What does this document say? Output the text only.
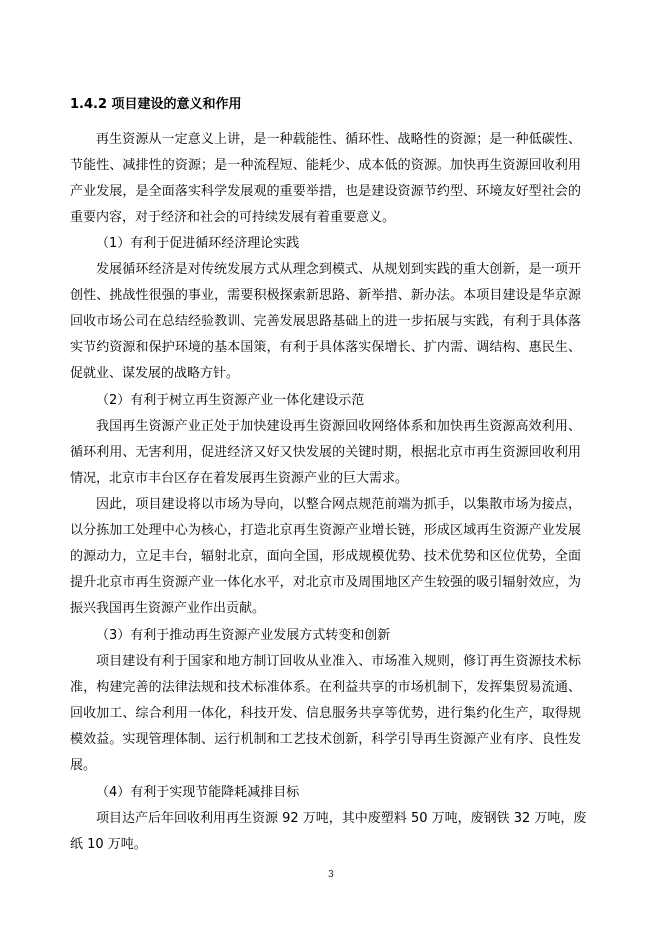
1.4.2 项目建设的意义和作用
再生资源从一定意义上讲，是一种载能性、循环性、战略性的资源；是一种低碳性、
节能性、减排性的资源；是一种流程短、能耗少、成本低的资源。加快再生资源回收利用
产业发展，是全面落实科学发展观的重要举措，也是建设资源节约型、环境友好型社会的
重要内容，对于经济和社会的可持续发展有着重要意义。
（1）有利于促进循环经济理论实践
发展循环经济是对传统发展方式从理念到模式、从规划到实践的重大创新，是一项开
创性、挑战性很强的事业，需要积极探索新思路、新举措、新办法。本项目建设是华京源
回收市场公司在总结经验教训、完善发展思路基础上的进一步拓展与实践，有利于具体落
实节约资源和保护环境的基本国策，有利于具体落实保增长、扩内需、调结构、惠民生、
促就业、谋发展的战略方针。
（2）有利于树立再生资源产业一体化建设示范
我国再生资源产业正处于加快建设再生资源回收网络体系和加快再生资源高效利用、
循环利用、无害利用，促进经济又好又快发展的关键时期，根据北京市再生资源回收利用
情况，北京市丰台区存在着发展再生资源产业的巨大需求。
因此，项目建设将以市场为导向，以整合网点规范前端为抓手，以集散市场为接点，
以分拣加工处理中心为核心，打造北京再生资源产业增长链，形成区域再生资源产业发展
的源动力，立足丰台，辐射北京，面向全国，形成规模优势、技术优势和区位优势，全面
提升北京市再生资源产业一体化水平，对北京市及周围地区产生较强的吸引辐射效应，为
振兴我国再生资源产业作出贡献。
（3）有利于推动再生资源产业发展方式转变和创新
项目建设有利于国家和地方制订回收从业准入、市场准入规则，修订再生资源技术标
准，构建完善的法律法规和技术标准体系。在利益共享的市场机制下，发挥集贸易流通、
回收加工、综合利用一体化，科技开发、信息服务共享等优势，进行集约化生产，取得规
模效益。实现管理体制、运行机制和工艺技术创新，科学引导再生资源产业有序、良性发
展。
（4）有利于实现节能降耗减排目标
项目达产后年回收利用再生资源 92 万吨，其中废塑料 50 万吨，废钢铁 32 万吨，废
纸 10 万吨。
3
